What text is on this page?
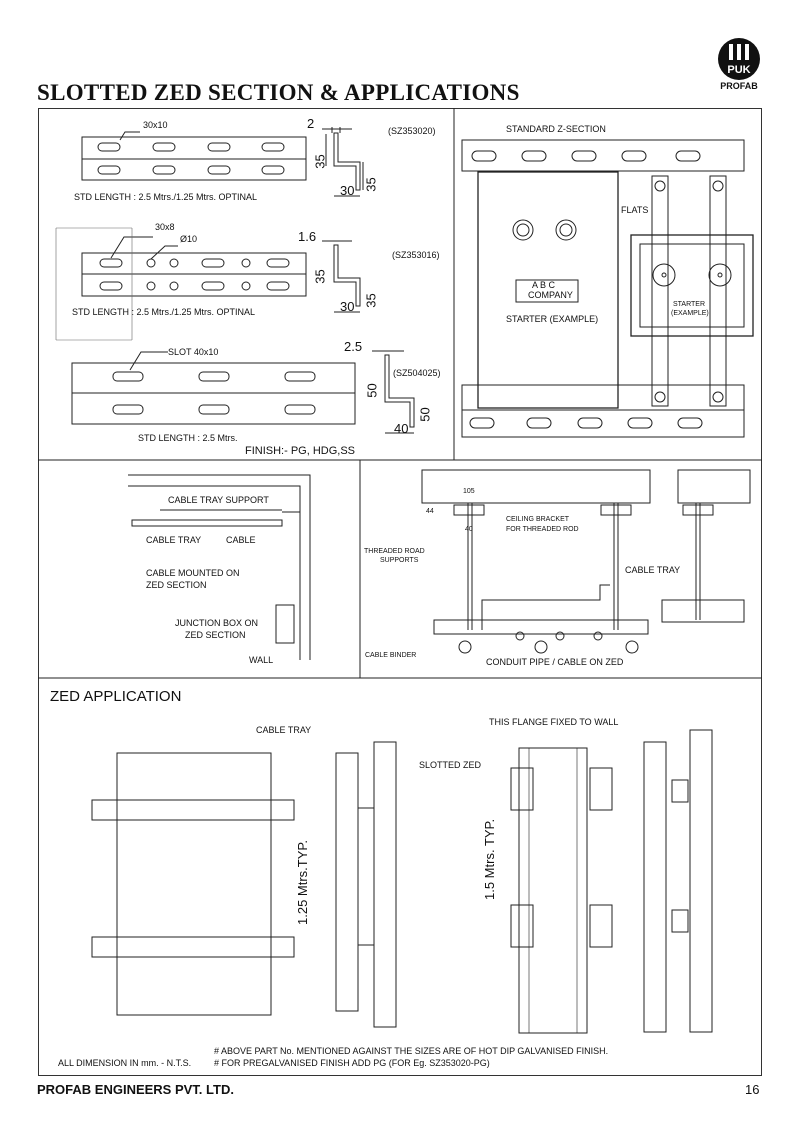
SLOTTED ZED SECTION & APPLICATIONS
PUK
PROFAB
30x10
(SZ353020)
2
35
35
30
STD LENGTH : 2.5 Mtrs./1.25 Mtrs. OPTINAL
30x8
Ø10
(SZ353016)
1.6
35
35
30
STD LENGTH : 2.5 Mtrs./1.25 Mtrs. OPTINAL
SLOT 40x10
(SZ504025)
2.5
50
50
40
STD LENGTH : 2.5 Mtrs.
FINISH:- PG, HDG,SS
STANDARD Z-SECTION
FLATS
A B C
COMPANY
STARTER (EXAMPLE)
STARTER
(EXAMPLE)
CABLE TRAY SUPPORT
CABLE TRAY	CABLE
CABLE MOUNTED ON
ZED SECTION
JUNCTION BOX ON
ZED SECTION
WALL
105
44
40
CEILING BRACKET
FOR THREADED ROD
THREADED ROAD
SUPPORTS
CABLE TRAY
CABLE BINDER
CONDUIT PIPE / CABLE ON ZED
ZED APPLICATION
CABLE TRAY
SLOTTED ZED
1.25 Mtrs.TYP.
THIS FLANGE FIXED TO WALL
1.5 Mtrs. TYP.
# ABOVE PART No. MENTIONED AGAINST THE SIZES ARE OF HOT DIP GALVANISED FINISH.
# FOR PREGALVANISED FINISH ADD PG (FOR Eg. SZ353020-PG)
ALL DIMENSION IN mm. - N.T.S.
PROFAB ENGINEERS PVT. LTD.	16
